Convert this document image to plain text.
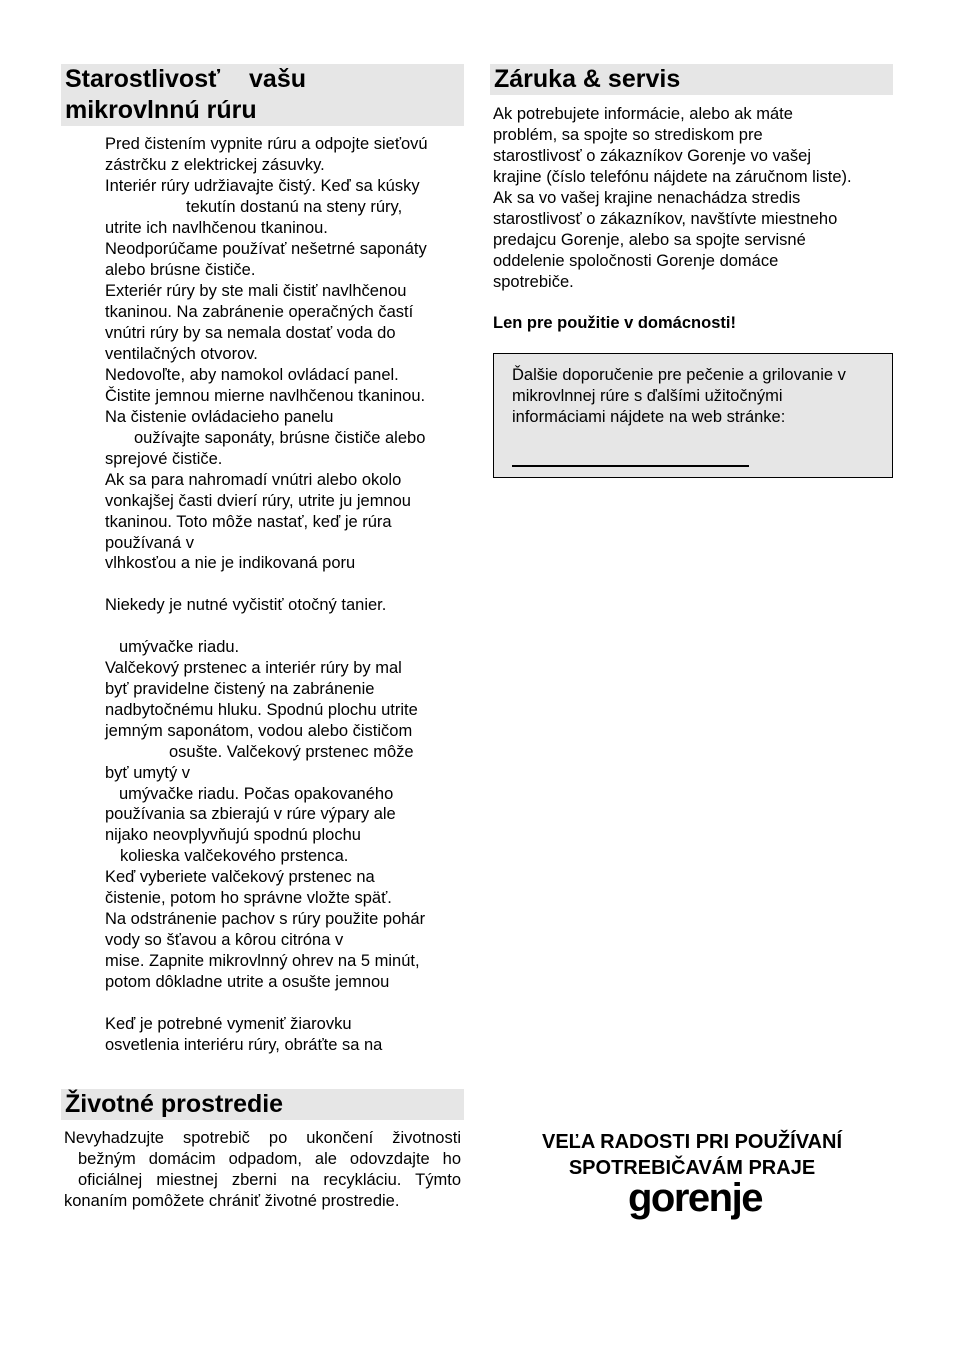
Starostlivosť vašu
mikrovlnnú rúru
Pred čistením vypnite rúru a odpojte sieťovú
zástrčku z elektrickej zásuvky.
Interiér rúry udržiavajte čistý. Keď sa kúsky
tekutín dostanú na steny rúry,
utrite ich navlhčenou tkaninou.
Neodporúčame používať nešetrné saponáty
alebo brúsne čističe.
Exteriér rúry by ste mali čistiť navlhčenou
tkaninou. Na zabránenie operačných častí
vnútri rúry by sa nemala dostať voda do
ventilačných otvorov.
Nedovoľte, aby namokol ovládací panel.
Čistite jemnou mierne navlhčenou tkaninou.
Na čistenie ovládacieho panelu
oužívajte saponáty, brúsne čističe alebo
sprejové čističe.
Ak sa para nahromadí vnútri alebo okolo
vonkajšej časti dvierí rúry, utrite ju jemnou
tkaninou. Toto môže nastať, keď je rúra
používaná v
vlhkosťou a nie je indikovaná poru
Niekedy je nutné vyčistiť otočný tanier.
umývačke riadu.
Valčekový prstenec a interiér rúry by mal
byť pravidelne čistený na zabránenie
nadbytočnému hluku. Spodnú plochu utrite
jemným saponátom, vodou alebo čističom
osušte. Valčekový prstenec môže
byť umytý v
umývačke riadu. Počas opakovaného
používania sa zbierajú v rúre výpary ale
nijako neovplyvňujú spodnú plochu
kolieska valčekového prstenca.
Keď vyberiete valčekový prstenec na
čistenie, potom ho správne vložte späť.
Na odstránenie pachov s rúry použite pohár
vody so šťavou a kôrou citróna v
mise. Zapnite mikrovlnný ohrev na 5 minút,
potom dôkladne utrite a osušte jemnou
Keď je potrebné vymeniť žiarovku
osvetlenia interiéru rúry, obráťte sa na
Životné prostredie
Nevyhadzujte spotrebič po ukončení životnosti
bežným domácim odpadom, ale odovzdajte ho
oficiálnej miestnej zberni na recykláciu. Týmto
konaním pomôžete chrániť životné prostredie.
Záruka & servis
Ak potrebujete informácie, alebo ak máte
problém, sa spojte so strediskom pre
starostlivosť o zákazníkov Gorenje vo vašej
krajine (číslo telefónu nájdete na záručnom liste).
Ak sa vo vašej krajine nenachádza stredis
starostlivosť o zákazníkov, navštívte miestneho
predajcu Gorenje, alebo sa spojte servisné
oddelenie spoločnosti Gorenje domáce
spotrebiče.
Len pre použitie v domácnosti!
Ďalšie doporučenie pre pečenie a grilovanie v
mikrovlnnej rúre s ďalšími užitočnými
informáciami nájdete na web stránke:
VEĽA RADOSTI PRI POUŽÍVANÍ
SPOTREBIČAVÁM PRAJE
gorenje
